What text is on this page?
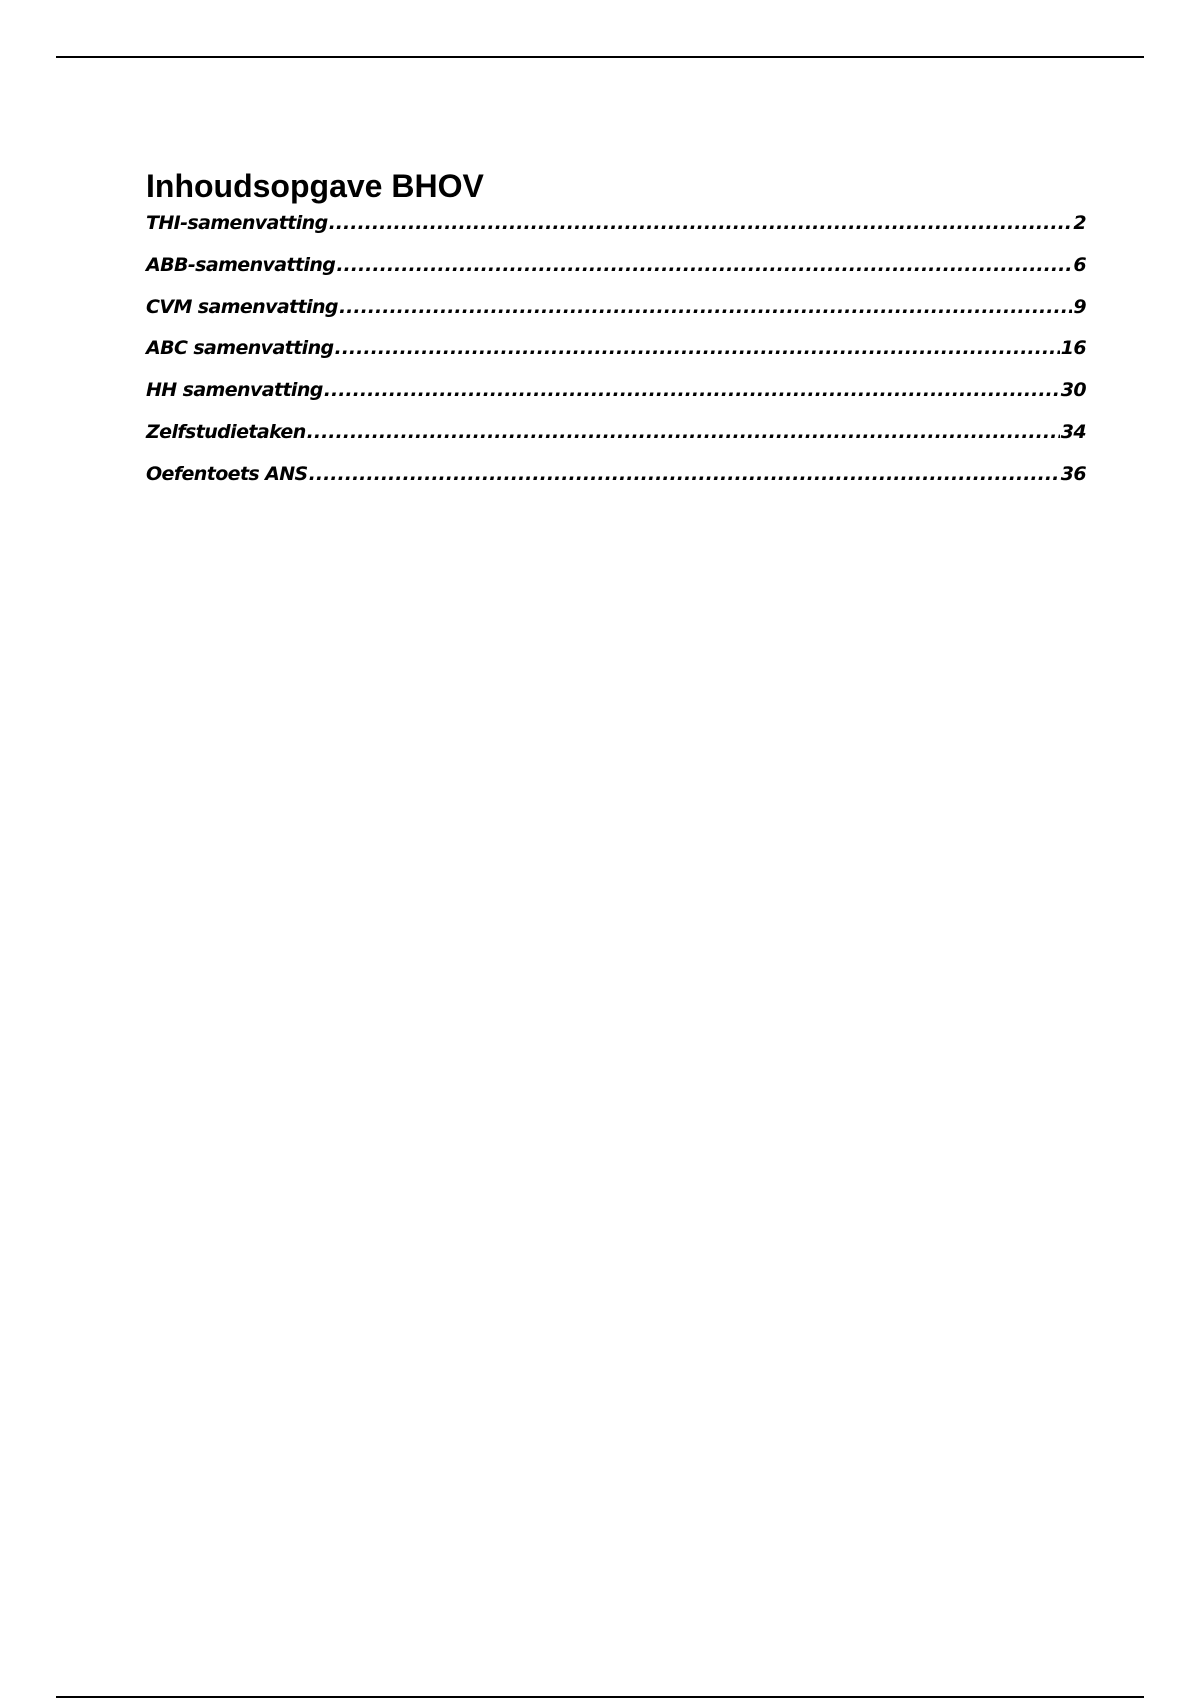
Inhoudsopgave BHOV
THI-samenvatting .....	2
ABB-samenvatting .....	6
CVM samenvatting .....	9
ABC samenvatting .....	16
HH samenvatting .....	30
Zelfstudietaken .....	34
Oefentoets ANS .....	36
